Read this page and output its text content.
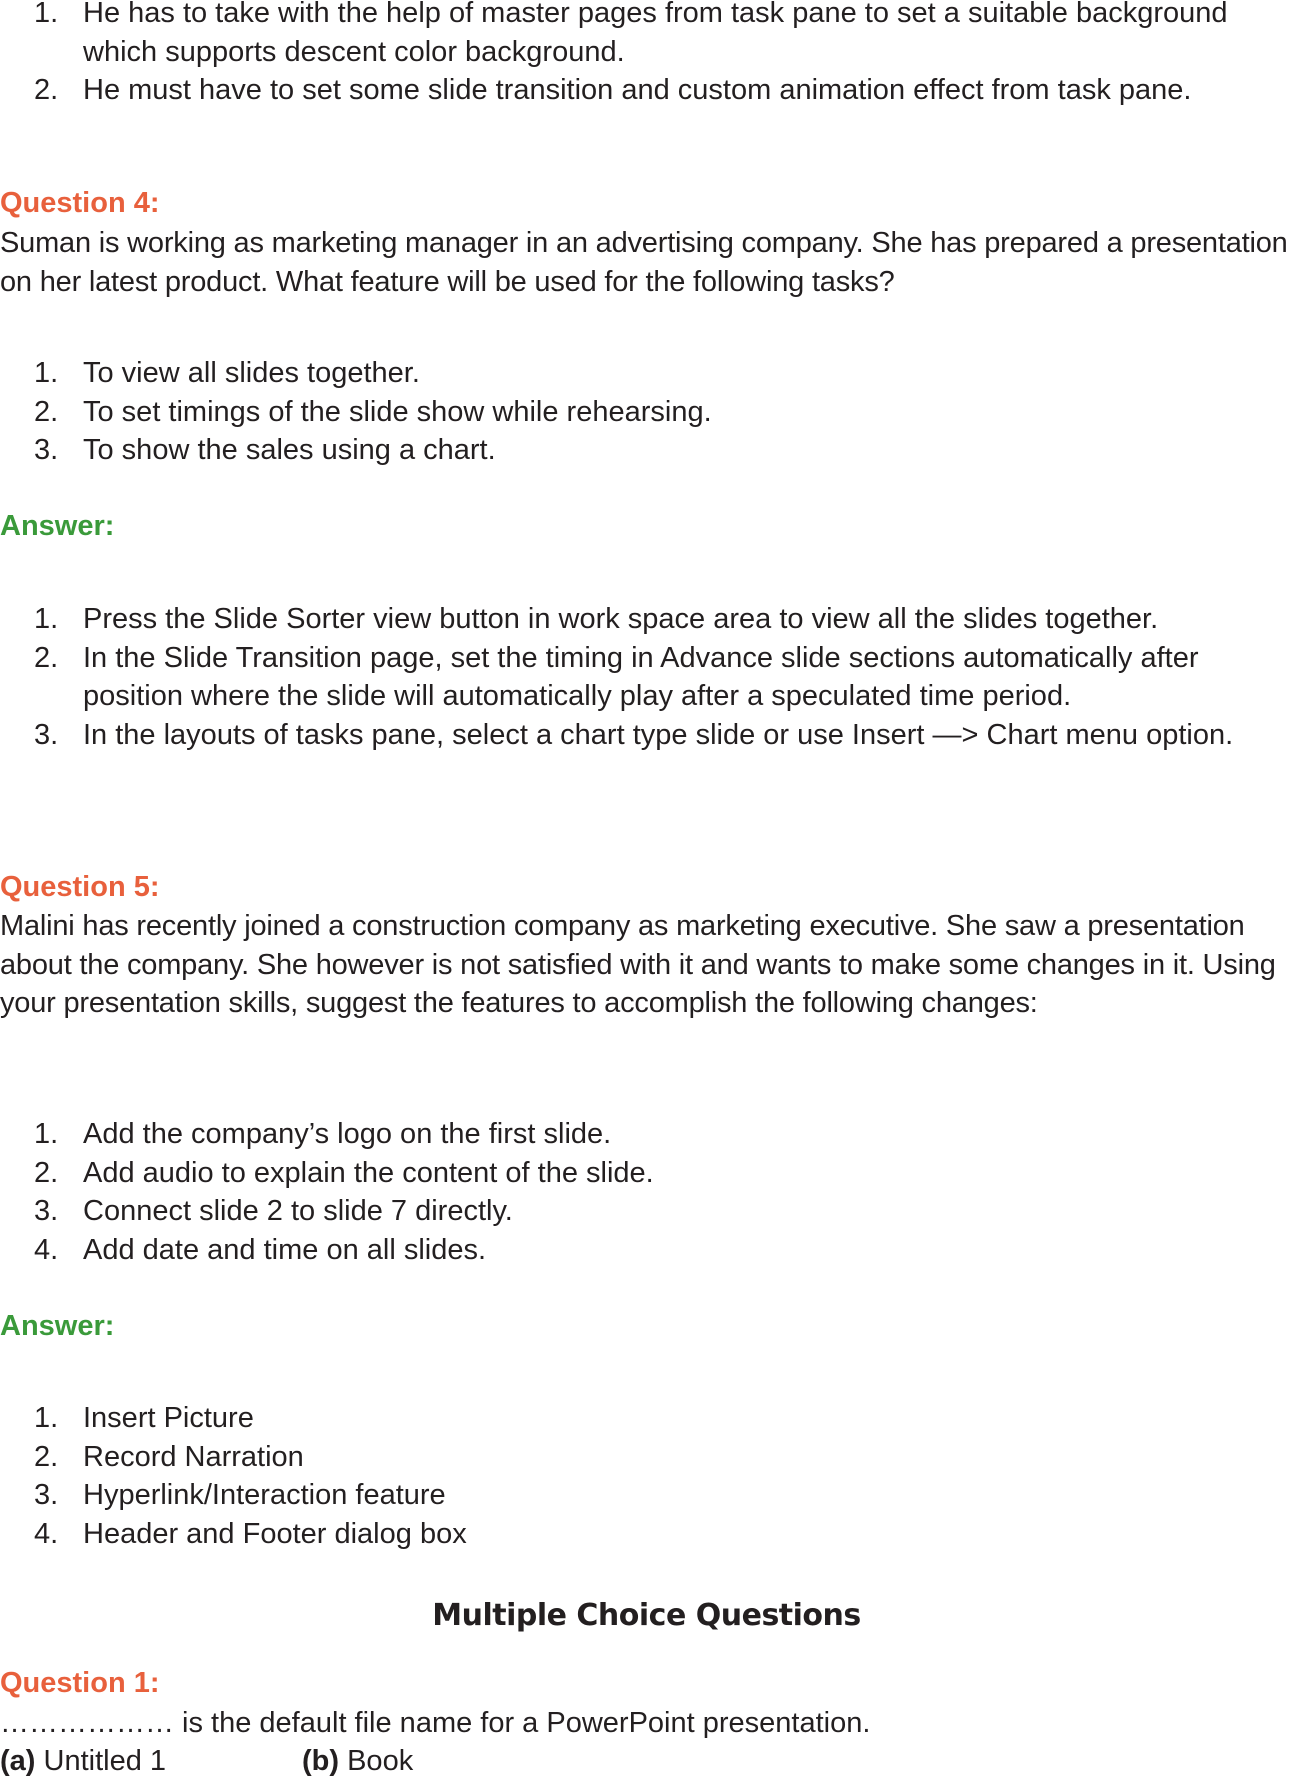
1. He has to take with the help of master pages from task pane to set a suitable background which supports descent color background.
2. He must have to set some slide transition and custom animation effect from task pane.
Question 4:
Suman is working as marketing manager in an advertising company. She has prepared a presentation on her latest product. What feature will be used for the following tasks?
1. To view all slides together.
2. To set timings of the slide show while rehearsing.
3. To show the sales using a chart.
Answer:
1. Press the Slide Sorter view button in work space area to view all the slides together.
2. In the Slide Transition page, set the timing in Advance slide sections automatically after position where the slide will automatically play after a speculated time period.
3. In the layouts of tasks pane, select a chart type slide or use Insert —> Chart menu option.
Question 5:
Malini has recently joined a construction company as marketing executive. She saw a presentation about the company. She however is not satisfied with it and wants to make some changes in it. Using your presentation skills, suggest the features to accomplish the following changes:
1. Add the company’s logo on the first slide.
2. Add audio to explain the content of the slide.
3. Connect slide 2 to slide 7 directly.
4. Add date and time on all slides.
Answer:
1. Insert Picture
2. Record Narration
3. Hyperlink/Interaction feature
4. Header and Footer dialog box
Multiple Choice Questions
Question 1:
……………… is the default file name for a PowerPoint presentation.
(a) Untitled 1	(b) Book
